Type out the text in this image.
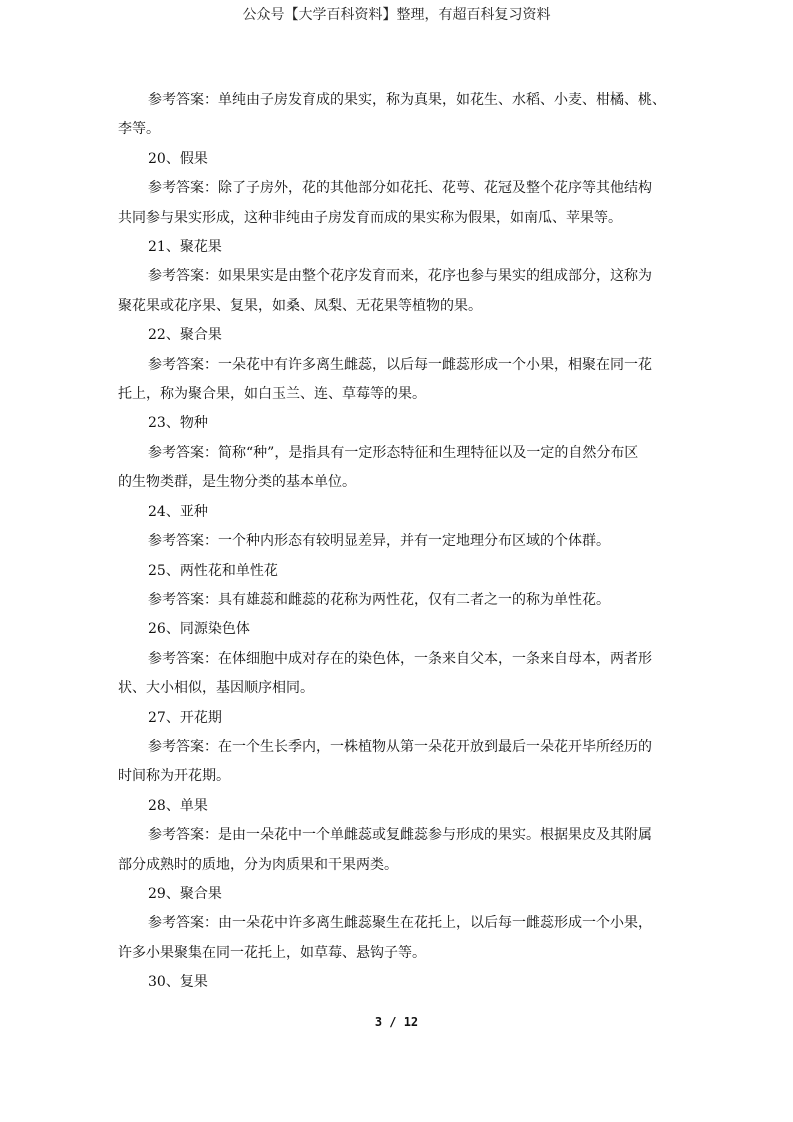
公众号【大学百科资料】整理，有超百科复习资料

参考答案：单纯由子房发育成的果实，称为真果，如花生、水稻、小麦、柑橘、桃、

李等。

20、假果

参考答案：除了子房外，花的其他部分如花托、花萼、花冠及整个花序等其他结构

共同参与果实形成，这种非纯由子房发育而成的果实称为假果，如南瓜、苹果等。

21、聚花果

参考答案：如果果实是由整个花序发育而来，花序也参与果实的组成部分，这称为

聚花果或花序果、复果，如桑、凤梨、无花果等植物的果。

22、聚合果

参考答案：一朵花中有许多离生雌蕊，以后每一雌蕊形成一个小果，相聚在同一花

托上，称为聚合果，如白玉兰、连、草莓等的果。

23、物种

参考答案：简称“种”，是指具有一定形态特征和生理特征以及一定的自然分布区

的生物类群，是生物分类的基本单位。

24、亚种

参考答案：一个种内形态有较明显差异，并有一定地理分布区域的个体群。

25、两性花和单性花

参考答案：具有雄蕊和雌蕊的花称为两性花，仅有二者之一的称为单性花。

26、同源染色体

参考答案：在体细胞中成对存在的染色体，一条来自父本，一条来自母本，两者形

状、大小相似，基因顺序相同。

27、开花期

参考答案：在一个生长季内，一株植物从第一朵花开放到最后一朵花开毕所经历的

时间称为开花期。

28、单果

参考答案：是由一朵花中一个单雌蕊或复雌蕊参与形成的果实。根据果皮及其附属

部分成熟时的质地，分为肉质果和干果两类。

29、聚合果

参考答案：由一朵花中许多离生雌蕊聚生在花托上，以后每一雌蕊形成一个小果，

许多小果聚集在同一花托上，如草莓、悬钩子等。

30、复果

3 / 12
